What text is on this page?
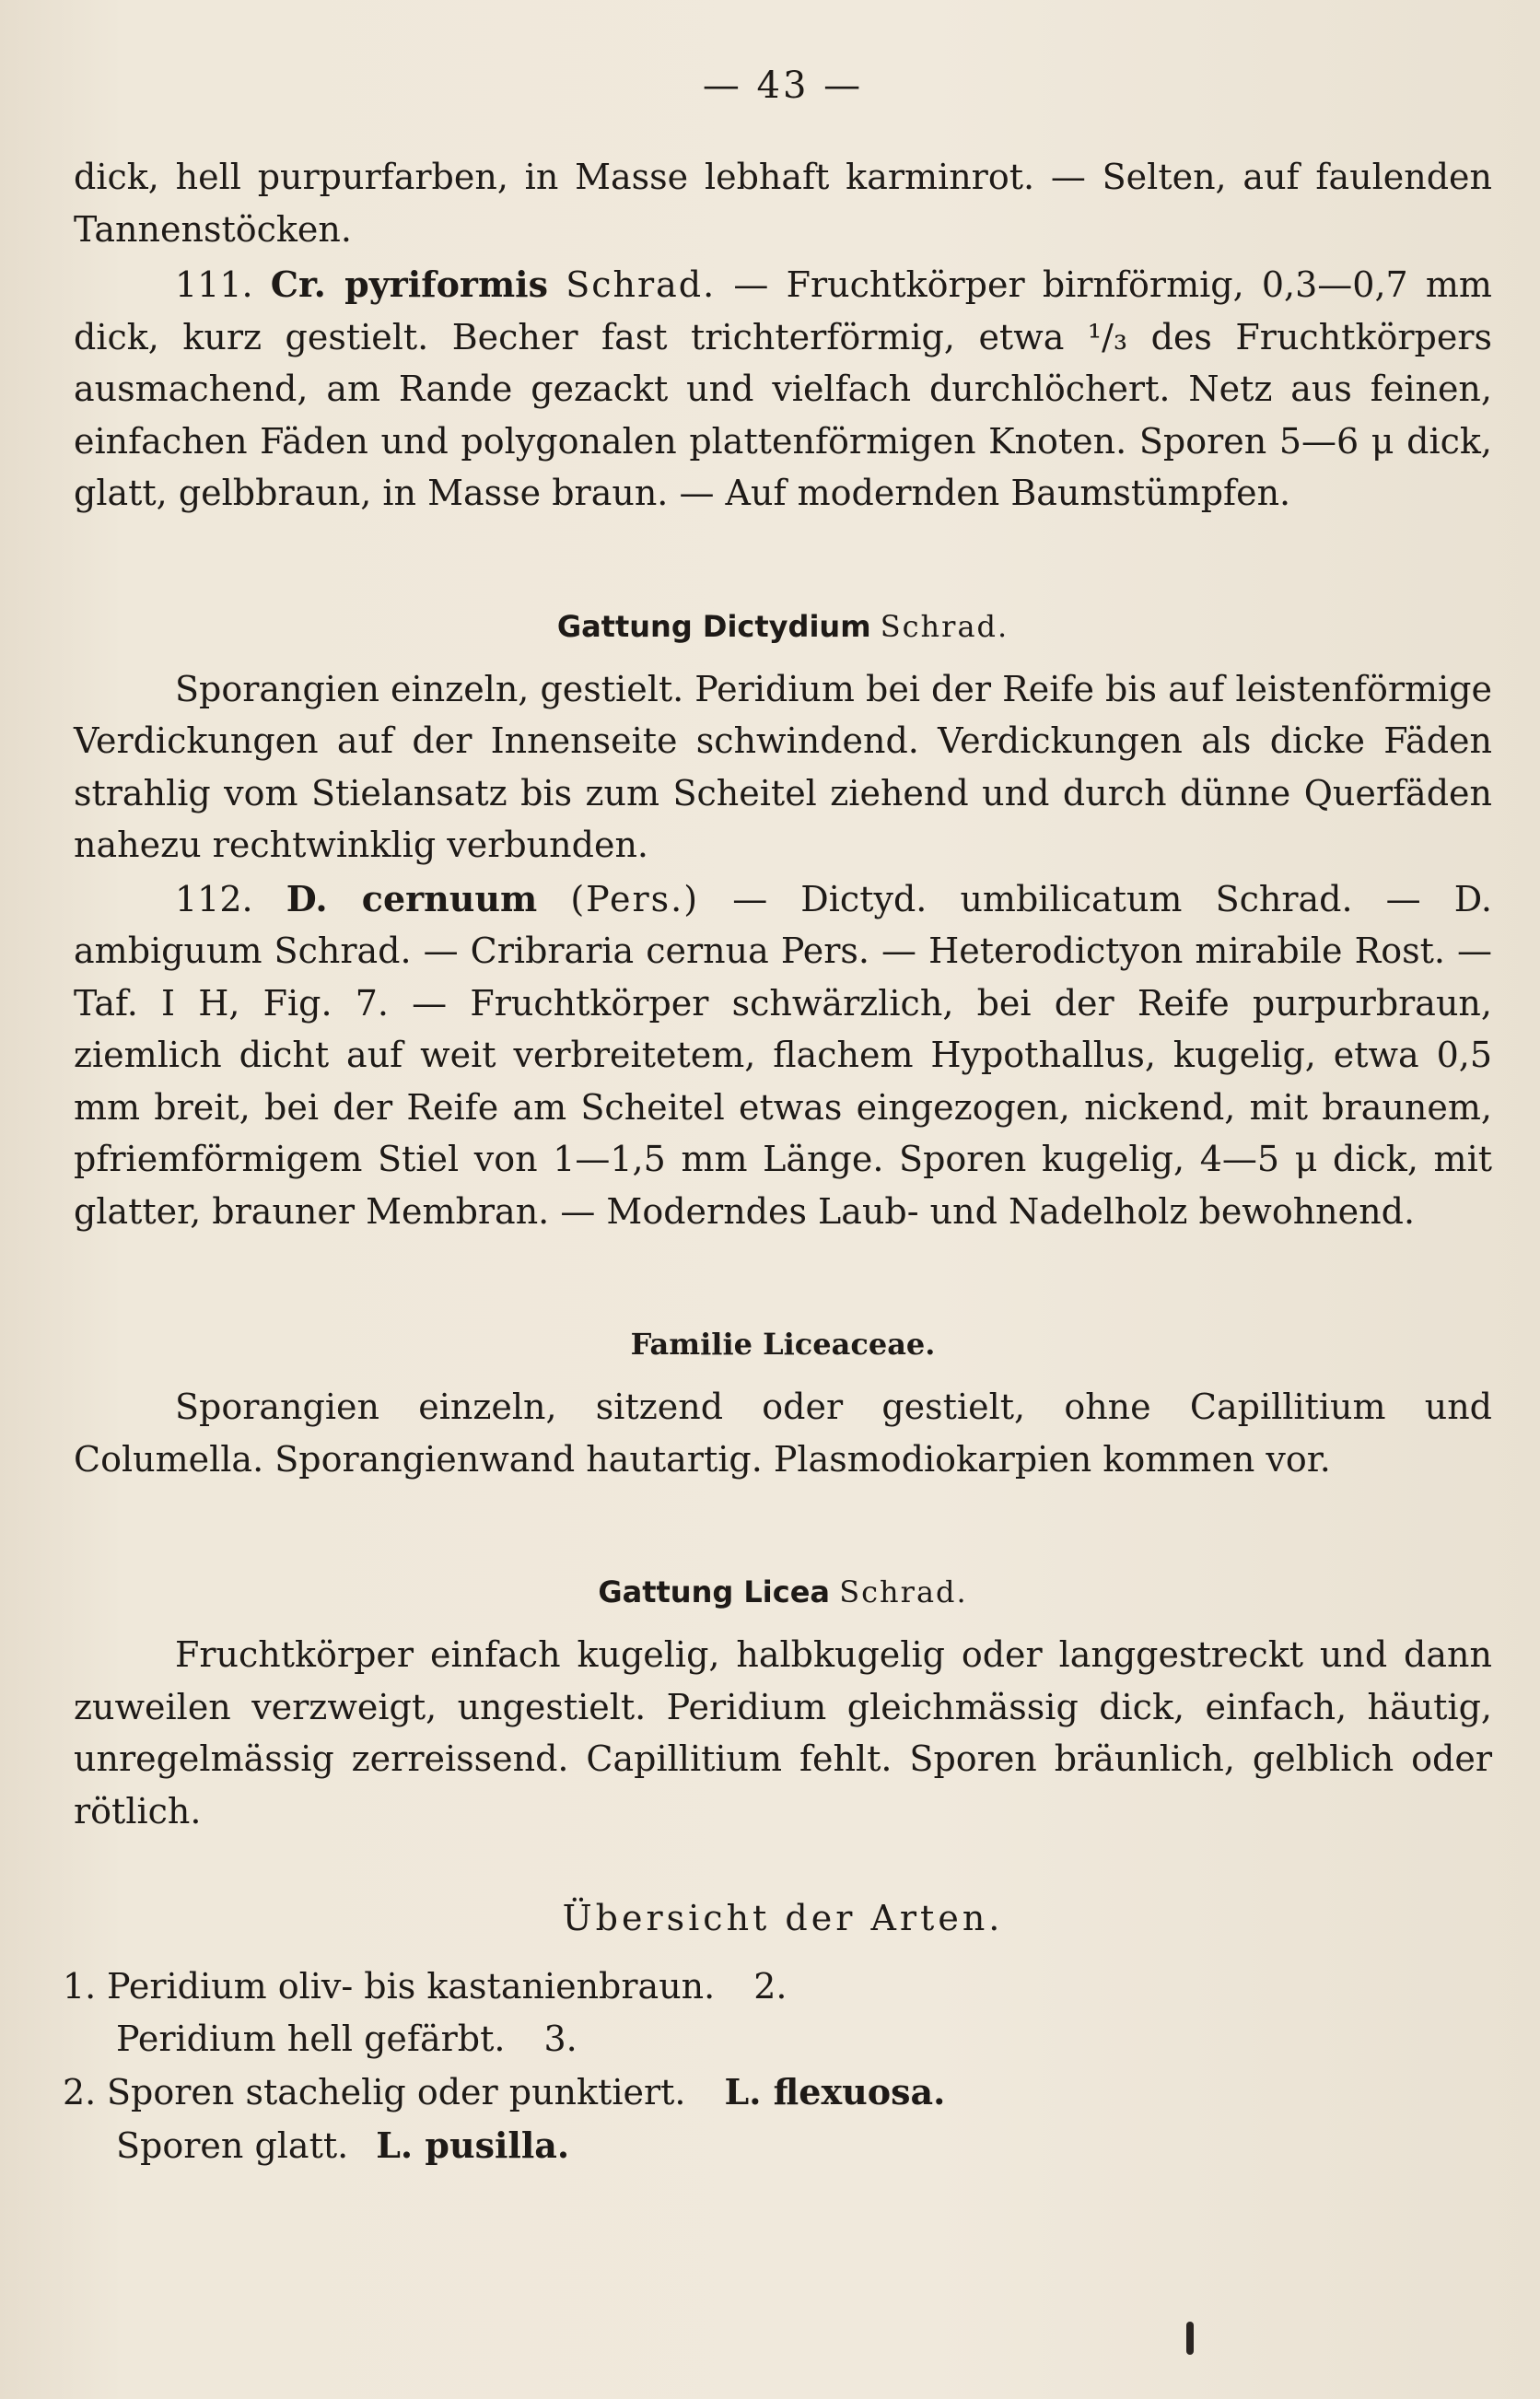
— 43 —

dick, hell purpurfarben, in Masse lebhaft karminrot. — Selten, auf faulenden Tannenstöcken.

111. Cr. pyriformis Schrad. — Fruchtkörper birnförmig, 0,3—0,7 mm dick, kurz gestielt. Becher fast trichterförmig, etwa ¹/₃ des Fruchtkörpers ausmachend, am Rande gezackt und vielfach durchlöchert. Netz aus feinen, einfachen Fäden und polygonalen plattenförmigen Knoten. Sporen 5—6 μ dick, glatt, gelbbraun, in Masse braun. — Auf modernden Baumstümpfen.

Gattung Dictydium Schrad.

Sporangien einzeln, gestielt. Peridium bei der Reife bis auf leistenförmige Verdickungen auf der Innenseite schwindend. Verdickungen als dicke Fäden strahlig vom Stielansatz bis zum Scheitel ziehend und durch dünne Querfäden nahezu rechtwinklig verbunden.

112. D. cernuum (Pers.) — Dictyd. umbilicatum Schrad. — D. ambiguum Schrad. — Cribraria cernua Pers. — Heterodictyon mirabile Rost. — Taf. I H, Fig. 7. — Fruchtkörper schwärzlich, bei der Reife purpurbraun, ziemlich dicht auf weit verbreitetem, flachem Hypothallus, kugelig, etwa 0,5 mm breit, bei der Reife am Scheitel etwas eingezogen, nickend, mit braunem, pfriemförmigem Stiel von 1—1,5 mm Länge. Sporen kugelig, 4—5 μ dick, mit glatter, brauner Membran. — Moderndes Laub- und Nadelholz bewohnend.

Familie Liceaceae.

Sporangien einzeln, sitzend oder gestielt, ohne Capillitium und Columella. Sporangienwand hautartig. Plasmodiokarpien kommen vor.

Gattung Licea Schrad.

Fruchtkörper einfach kugelig, halbkugelig oder langgestreckt und dann zuweilen verzweigt, ungestielt. Peridium gleichmässig dick, einfach, häutig, unregelmässig zerreissend. Capillitium fehlt. Sporen bräunlich, gelblich oder rötlich.

Übersicht der Arten.
1. Peridium oliv- bis kastanienbraun. 2.
Peridium hell gefärbt. 3.
2. Sporen stachelig oder punktiert. L. flexuosa.
Sporen glatt. L. pusilla.
